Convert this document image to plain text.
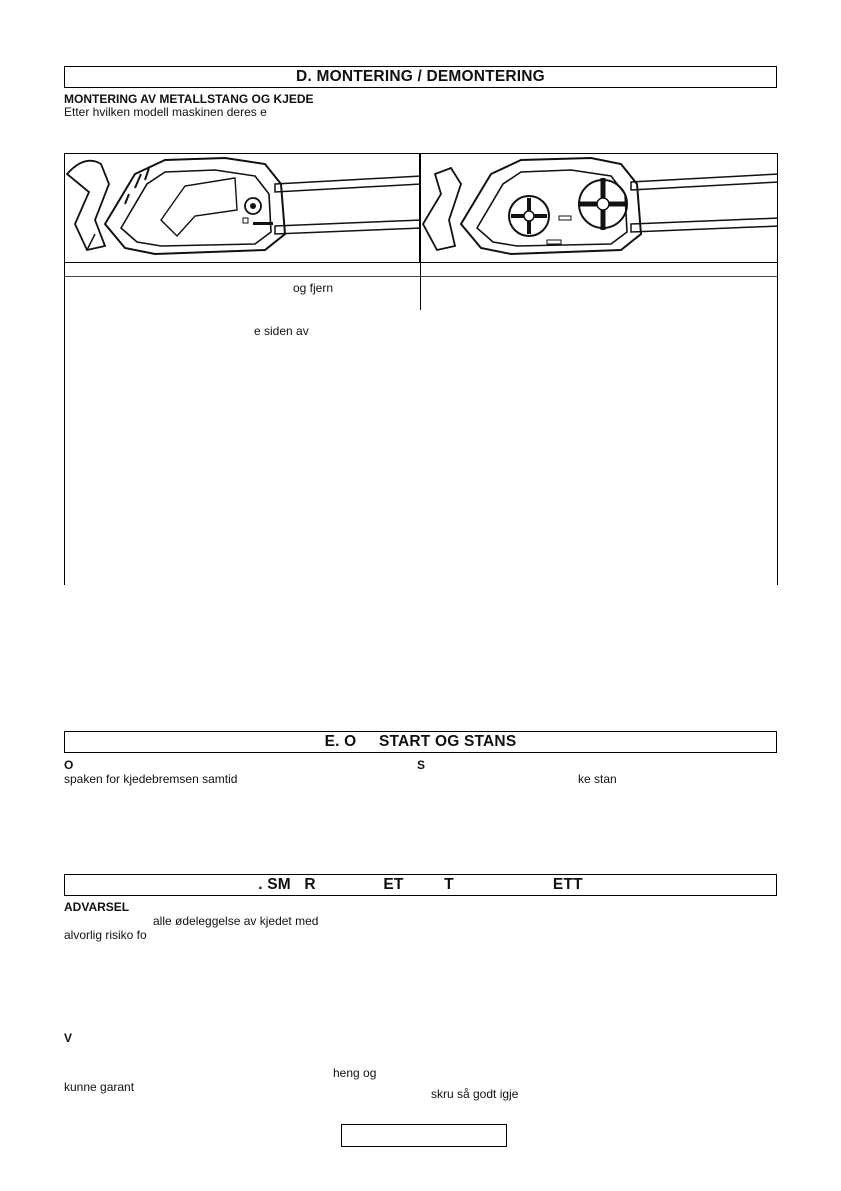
D. MONTERING / DEMONTERING
MONTERING AV METALLSTANG OG KJEDE
Etter hvilken modell maskinen deres e
og fjern
e siden av
E. O     START OG STANS
O	S
spaken for kjedebremsen samtid	ke stan
. SM   R               ET         T                      ETT
ADVARSEL
alle ødeleggelse av kjedet med
alvorlig risiko fo
V
heng og
kunne garant	skru så godt igje
